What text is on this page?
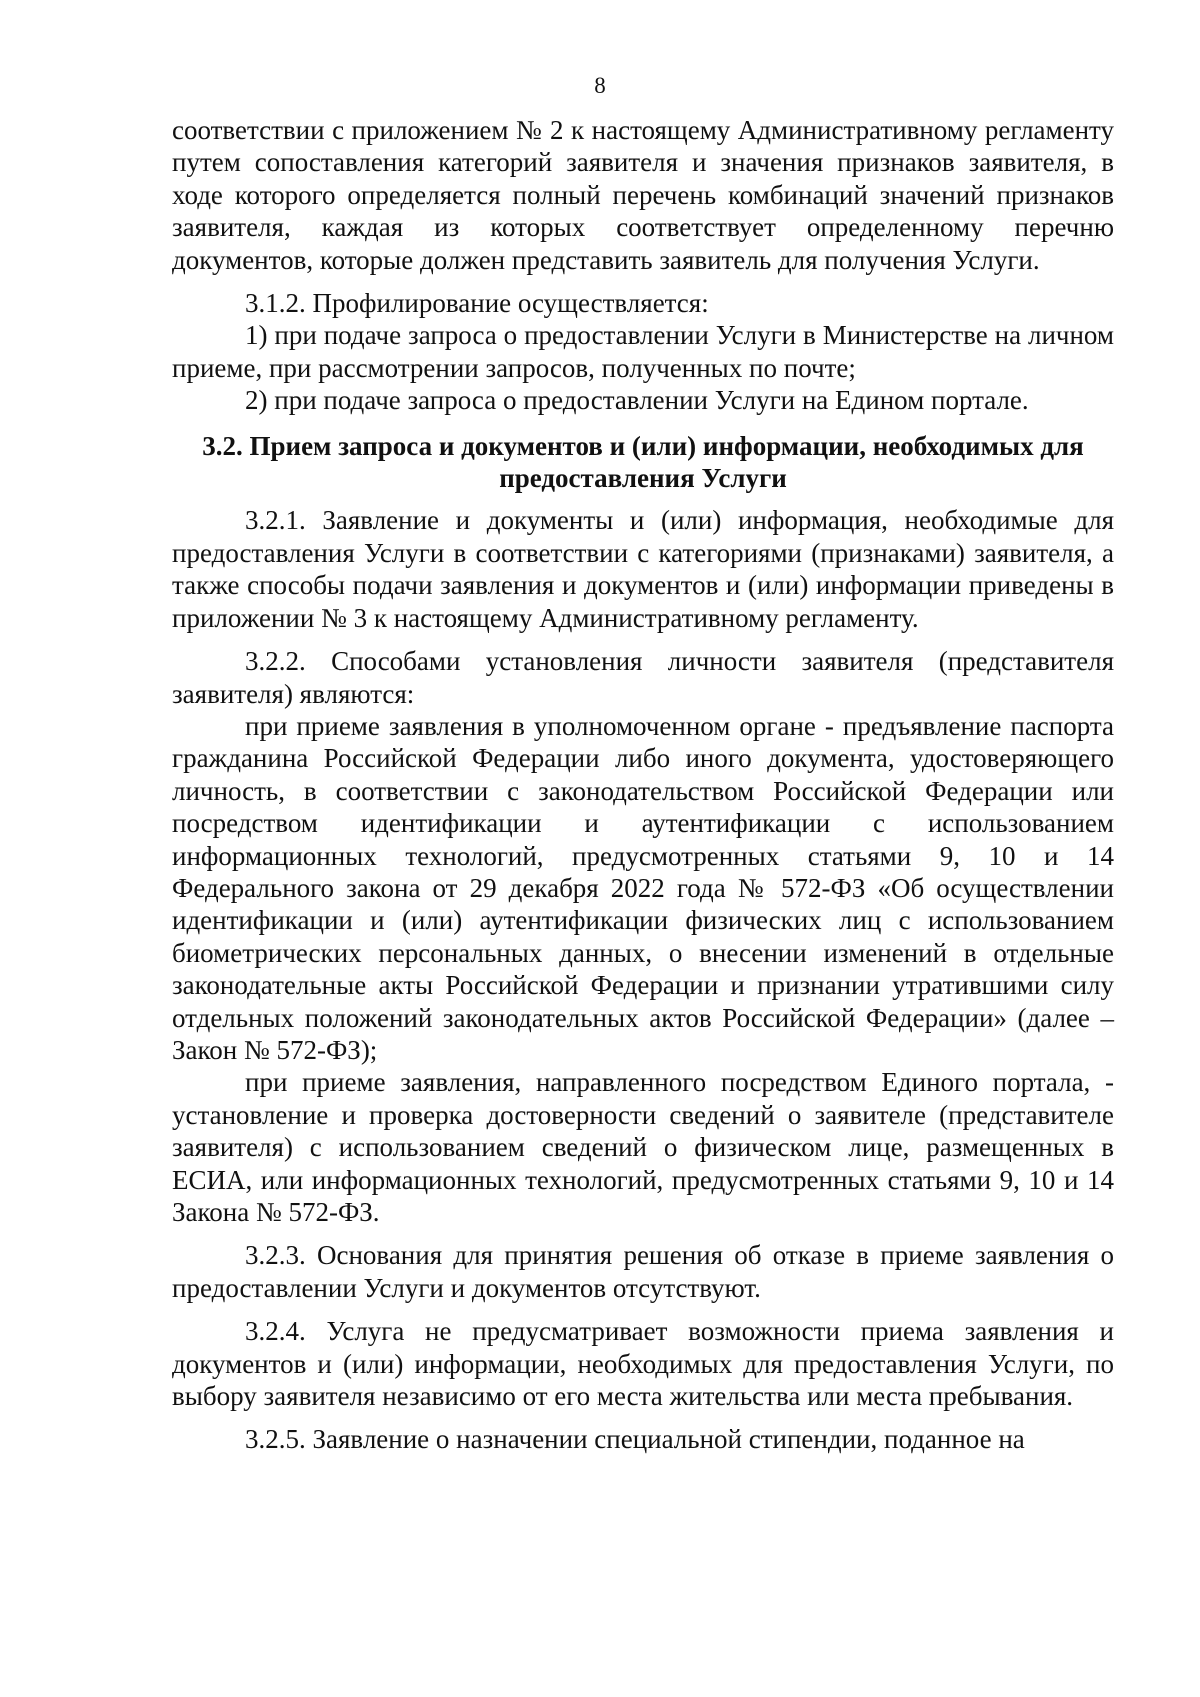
8

соответствии с приложением № 2 к настоящему Административному регламенту путем сопоставления категорий заявителя и значения признаков заявителя, в ходе которого определяется полный перечень комбинаций значений признаков заявителя, каждая из которых соответствует определенному перечню документов, которые должен представить заявитель для получения Услуги.

3.1.2. Профилирование осуществляется:

1) при подаче запроса о предоставлении Услуги в Министерстве на личном приеме, при рассмотрении запросов, полученных по почте;

2) при подаче запроса о предоставлении Услуги на Едином портале.

3.2. Прием запроса и документов и (или) информации, необходимых для предоставления Услуги

3.2.1. Заявление и документы и (или) информация, необходимые для предоставления Услуги в соответствии с категориями (признаками) заявителя, а также способы подачи заявления и документов и (или) информации приведены в приложении № 3 к настоящему Административному регламенту.

3.2.2. Способами установления личности заявителя (представителя заявителя) являются:

при приеме заявления в уполномоченном органе - предъявление паспорта гражданина Российской Федерации либо иного документа, удостоверяющего личность, в соответствии с законодательством Российской Федерации или посредством идентификации и аутентификации с использованием информационных технологий, предусмотренных статьями 9, 10 и 14 Федерального закона от 29 декабря 2022 года № 572-ФЗ «Об осуществлении идентификации и (или) аутентификации физических лиц с использованием биометрических персональных данных, о внесении изменений в отдельные законодательные акты Российской Федерации и признании утратившими силу отдельных положений законодательных актов Российской Федерации» (далее – Закон № 572-ФЗ);

при приеме заявления, направленного посредством Единого портала, - установление и проверка достоверности сведений о заявителе (представителе заявителя) с использованием сведений о физическом лице, размещенных в ЕСИА, или информационных технологий, предусмотренных статьями 9, 10 и 14 Закона № 572-ФЗ.

3.2.3. Основания для принятия решения об отказе в приеме заявления о предоставлении Услуги и документов отсутствуют.

3.2.4. Услуга не предусматривает возможности приема заявления и документов и (или) информации, необходимых для предоставления Услуги, по выбору заявителя независимо от его места жительства или места пребывания.

3.2.5. Заявление о назначении специальной стипендии, поданное на
